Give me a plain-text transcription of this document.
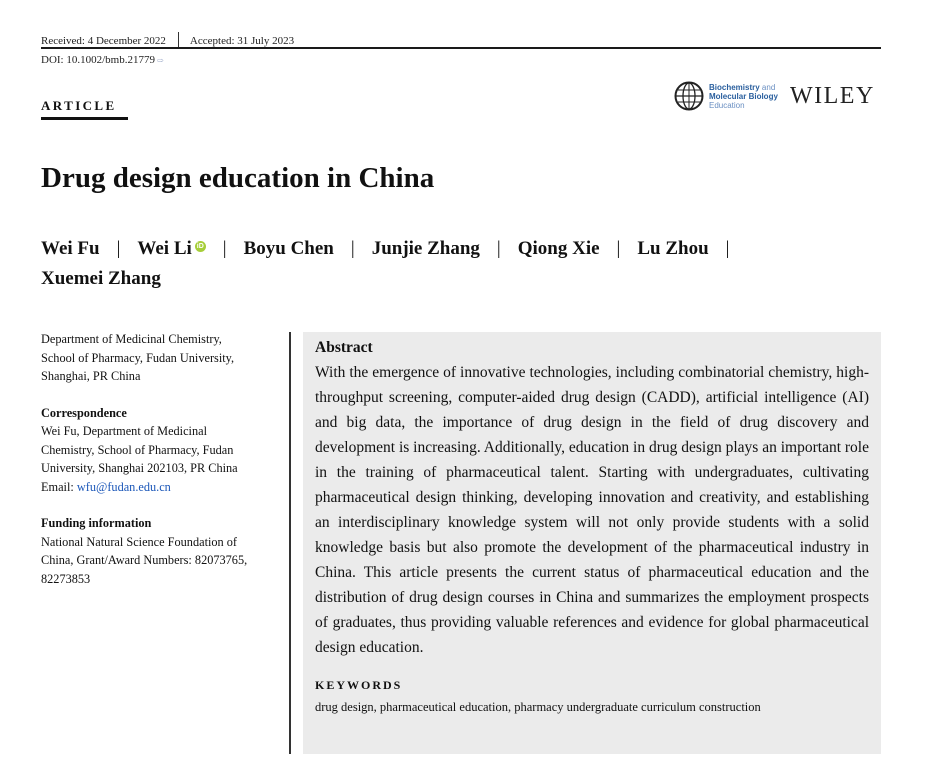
Received: 4 December 2022 Accepted: 31 July 2023
DOI: 10.1002/bmb.21779 ⇨
ARTICLE
Biochemistry and
Molecular Biology
Education	WILEY
Drug design education in China
Wei Fu | Wei Li iD | Boyu Chen | Junjie Zhang | Qiong Xie | Lu Zhou |
Xuemei Zhang
Department of Medicinal Chemistry,
School of Pharmacy, Fudan University,
Shanghai, PR China
Correspondence
Wei Fu, Department of Medicinal
Chemistry, School of Pharmacy, Fudan
University, Shanghai 202103, PR China
Email: wfu@fudan.edu.cn
Funding information
National Natural Science Foundation of
China, Grant/Award Numbers: 82073765,
82273853
Abstract

With the emergence of innovative technologies, including combinatorial chemistry, high-throughput screening, computer-aided drug design (CADD), artificial intelligence (AI) and big data, the importance of drug design in the field of drug discovery and development is increasing. Additionally, education in drug design plays an important role in the training of pharmaceutical talent. Starting with undergraduates, cultivating pharmaceutical design thinking, developing innovation and creativity, and establishing an interdisciplinary knowledge system will not only provide students with a solid knowledge basis but also promote the development of the pharmaceutical industry in China. This article presents the current status of pharmaceutical education and the distribution of drug design courses in China and summarizes the employment prospects of graduates, thus providing valuable references and evidence for global pharmaceutical design education.

KEYWORDS
drug design, pharmaceutical education, pharmacy undergraduate curriculum construction
